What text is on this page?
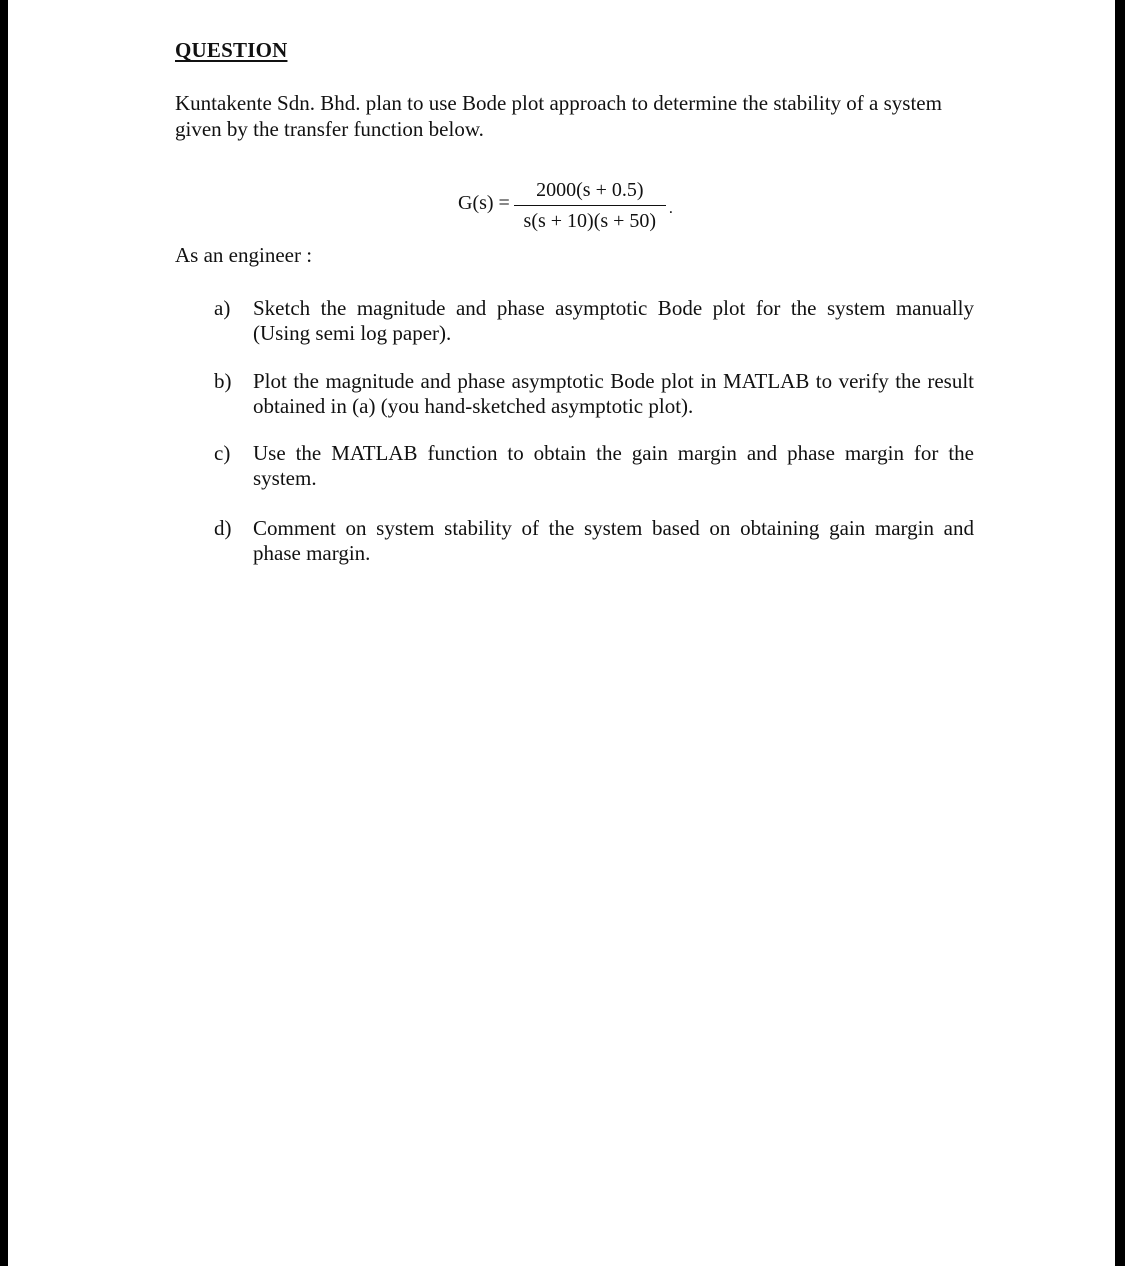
QUESTION
Kuntakente Sdn. Bhd. plan to use Bode plot approach to determine the stability of a system given by the transfer function below.
$G(s) = \frac{2000(s + 0.5)}{s(s + 10)(s + 50)}$ .
As an engineer :
a)	Sketch the magnitude and phase asymptotic Bode plot for the system manually (Using semi log paper).
b)	Plot the magnitude and phase asymptotic Bode plot in MATLAB to verify the result obtained in (a) (you hand-sketched asymptotic plot).
c)	Use the MATLAB function to obtain the gain margin and phase margin for the system.
d)	Comment on system stability of the system based on obtaining gain margin and phase margin.
